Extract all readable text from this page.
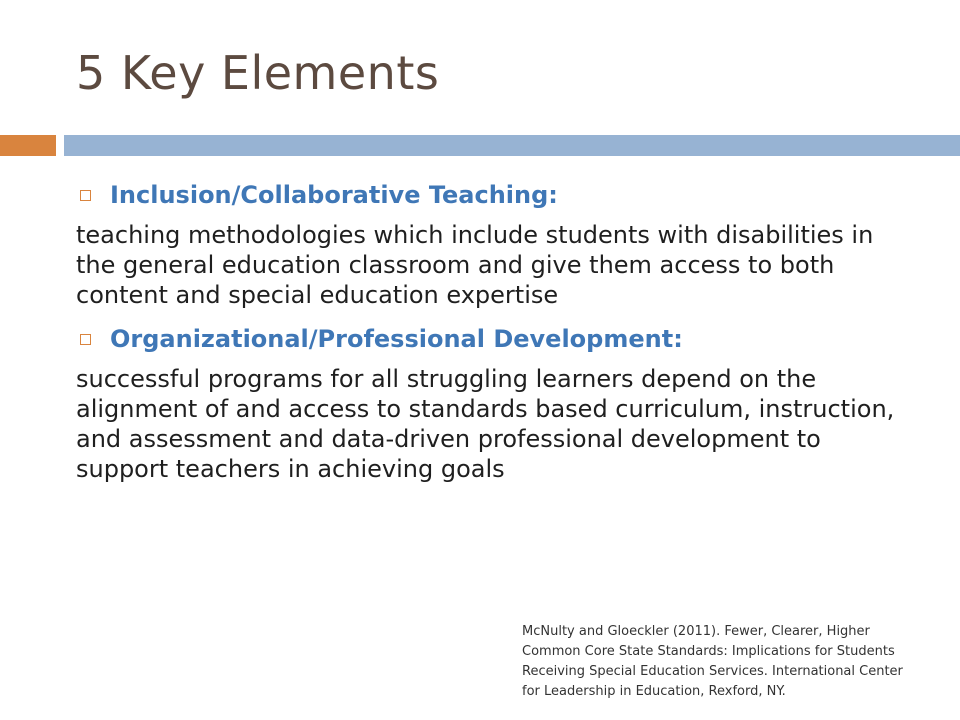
5 Key Elements
Inclusion/Collaborative Teaching:

teaching methodologies which include students with disabilities in the general education classroom and give them access to both content and special education expertise

Organizational/Professional Development:

successful programs for all struggling learners depend on the alignment of and access to standards based curriculum, instruction, and assessment and data-driven professional development to support teachers in achieving goals

McNulty and Gloeckler (2011). Fewer, Clearer, Higher Common Core State Standards: Implications for Students Receiving Special Education Services. International Center for Leadership in Education, Rexford, NY.
